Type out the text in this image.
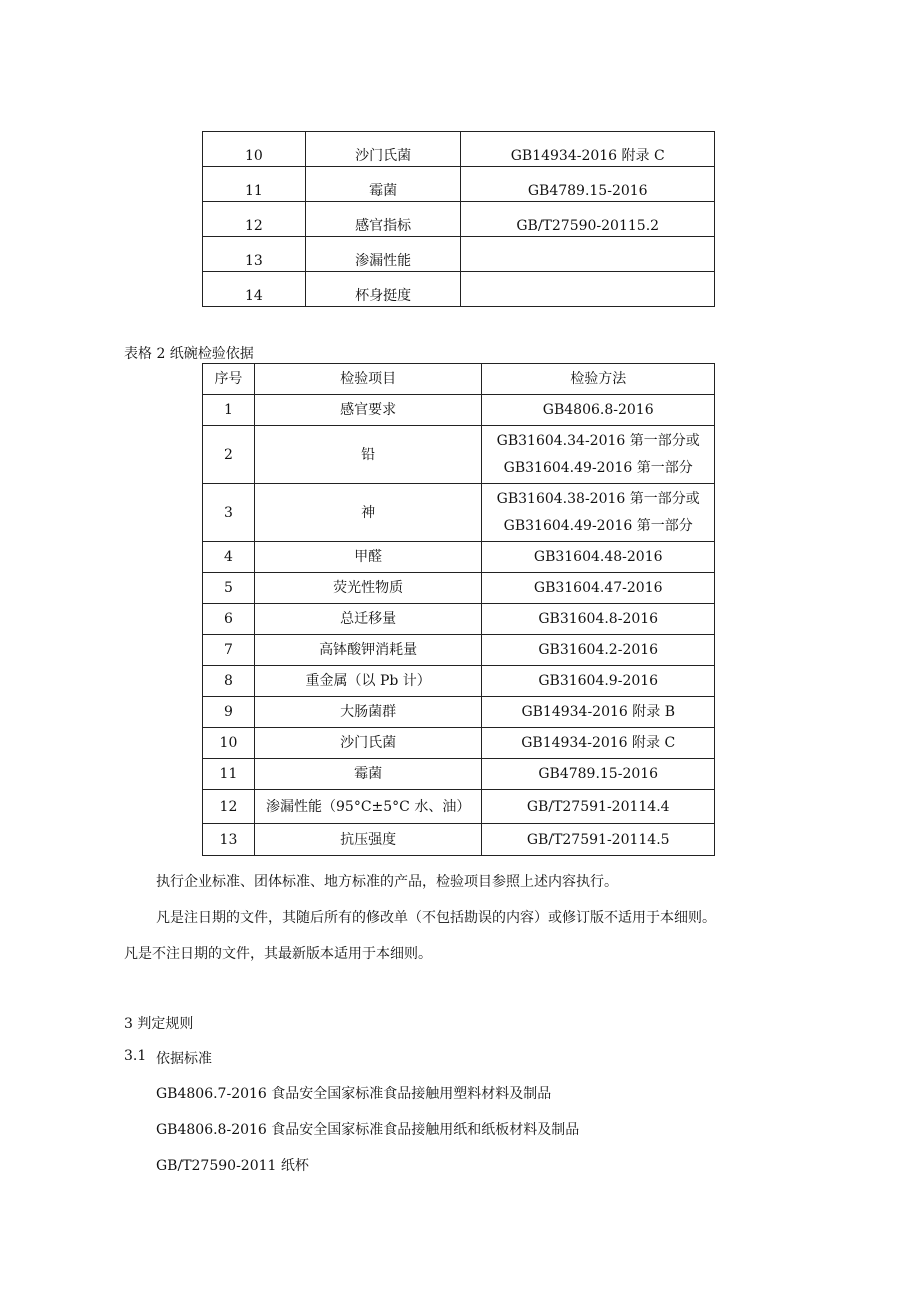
10	沙门氏菌	GB14934-2016 附录 C
11	霉菌	GB4789.15-2016
12	感官指标	GB/T27590-20115.2
13	渗漏性能	
14	杯身挺度	
表格 2 纸碗检验依据
序号	检验项目	检验方法
1	感官要求	GB4806.8-2016
2	铅	GB31604.34-2016 第一部分或
GB31604.49-2016 第一部分

3	神	GB31604.38-2016 第一部分或
GB31604.49-2016 第一部分

4	甲醛	GB31604.48-2016
5	荧光性物质	GB31604.47-2016
6	总迁移量	GB31604.8-2016
7	高钵酸钾消耗量	GB31604.2-2016
8	重金属（以 Pb 计）	GB31604.9-2016
9	大肠菌群	GB14934-2016 附录 B
10	沙门氏菌	GB14934-2016 附录 C
11	霉菌	GB4789.15-2016
12	渗漏性能（95°C±5°C 水、油）	GB/T27591-20114.4
13	抗压强度	GB/T27591-20114.5
执行企业标准、团体标准、地方标准的产品，检验项目参照上述内容执行。
凡是注日期的文件，其随后所有的修改单（不包括勘误的内容）或修订版不适用于本细则。
凡是不注日期的文件，其最新版本适用于本细则。
3 判定规则
3.1 依据标准
GB4806.7-2016 食品安全国家标准食品接触用塑料材料及制品
GB4806.8-2016 食品安全国家标准食品接触用纸和纸板材料及制品
GB/T27590-2011 纸杯
